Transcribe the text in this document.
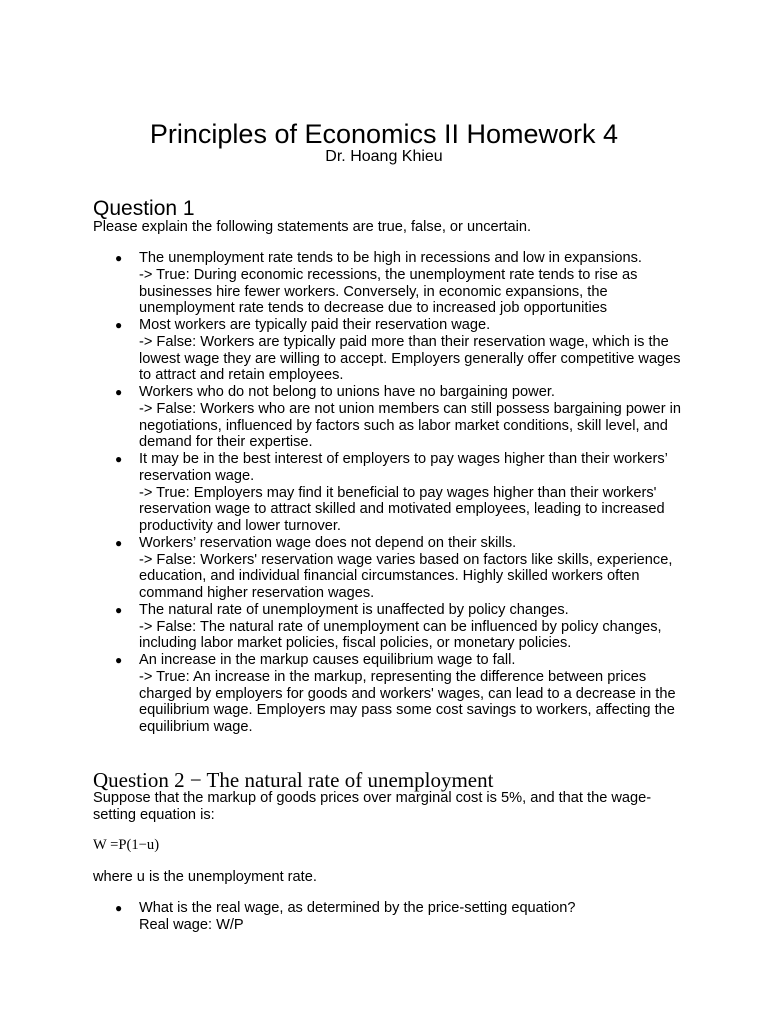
Principles of Economics II Homework 4
Dr. Hoang Khieu
Question 1
Please explain the following statements are true, false, or uncertain.
●	The unemployment rate tends to be high in recessions and low in expansions.
-> True: During economic recessions, the unemployment rate tends to rise as businesses hire fewer workers. Conversely, in economic expansions, the unemployment rate tends to decrease due to increased job opportunities
●	Most workers are typically paid their reservation wage.
-> False: Workers are typically paid more than their reservation wage, which is the lowest wage they are willing to accept. Employers generally offer competitive wages to attract and retain employees.
●	Workers who do not belong to unions have no bargaining power.
-> False: Workers who are not union members can still possess bargaining power in negotiations, influenced by factors such as labor market conditions, skill level, and demand for their expertise.
●	It may be in the best interest of employers to pay wages higher than their workers’ reservation wage.
-> True: Employers may find it beneficial to pay wages higher than their workers' reservation wage to attract skilled and motivated employees, leading to increased productivity and lower turnover.
●	Workers’ reservation wage does not depend on their skills.
-> False: Workers' reservation wage varies based on factors like skills, experience, education, and individual financial circumstances. Highly skilled workers often command higher reservation wages.
●	The natural rate of unemployment is unaffected by policy changes.
-> False: The natural rate of unemployment can be influenced by policy changes, including labor market policies, fiscal policies, or monetary policies.
●	An increase in the markup causes equilibrium wage to fall.
-> True: An increase in the markup, representing the difference between prices charged by employers for goods and workers' wages, can lead to a decrease in the equilibrium wage. Employers may pass some cost savings to workers, affecting the equilibrium wage.
Question 2 − The natural rate of unemployment
Suppose that the markup of goods prices over marginal cost is 5%, and that the wage-setting equation is:
W =P(1−u)
where u is the unemployment rate.
●	What is the real wage, as determined by the price-setting equation?
Real wage: W/P
